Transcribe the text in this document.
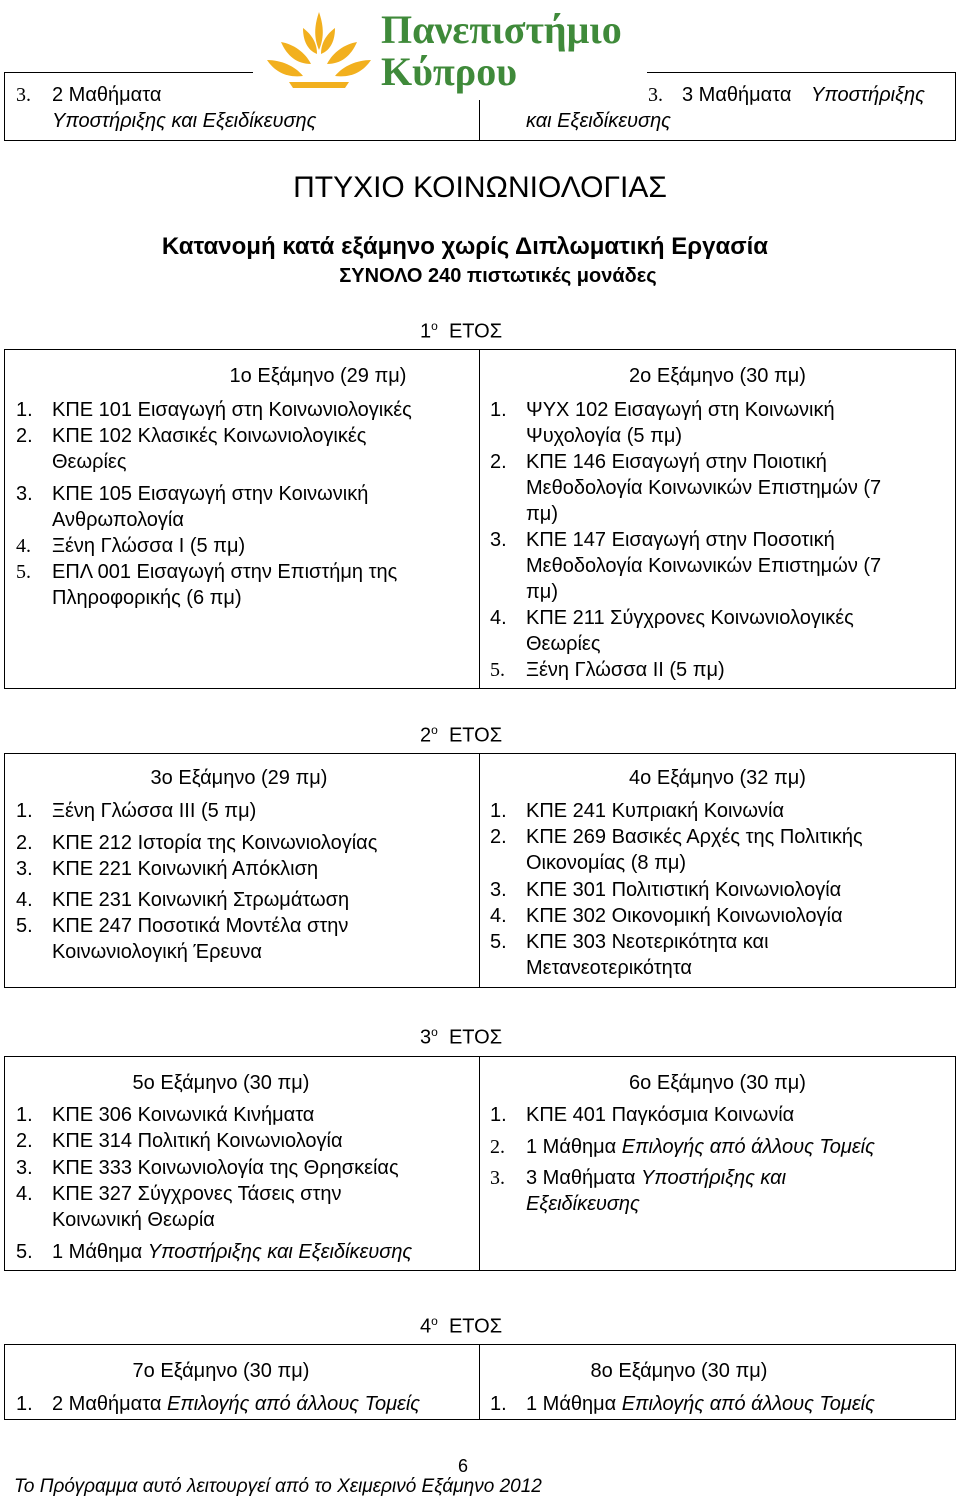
3. 2 Μαθήματα
Υποστήριξης και Εξειδίκευσης
3. 3 Μαθήματα Υποστήριξης
και Εξειδίκευσης
Πανεπιστήμιο
Κύπρου
ΠΤΥΧΙΟ ΚΟΙΝΩΝΙΟΛΟΓΙΑΣ
Κατανομή κατά εξάμηνο χωρίς Διπλωματική Εργασία
ΣΥΝΟΛΟ 240 πιστωτικές μονάδες
$1^o$ ΕΤΟΣ
1ο Εξάμηνο (29 πμ)
1. ΚΠΕ 101 Εισαγωγή στη Κοινωνιολογικές
2. ΚΠΕ 102 Κλασικές Κοινωνιολογικές
Θεωρίες
3. ΚΠΕ 105 Εισαγωγή στην Κοινωνική
Ανθρωπολογία
4. Ξένη Γλώσσα Ι (5 πμ)
5. ΕΠΛ 001 Εισαγωγή στην Επιστήμη της
Πληροφορικής (6 πμ)
2ο Εξάμηνο (30 πμ)
1. ΨΥΧ 102 Εισαγωγή στη Κοινωνική
Ψυχολογία (5 πμ)
2. ΚΠΕ 146 Εισαγωγή στην Ποιοτική
Μεθοδολογία Κοινωνικών Επιστημών (7
πμ)
3. ΚΠΕ 147 Εισαγωγή στην Ποσοτική
Μεθοδολογία Κοινωνικών Επιστημών (7
πμ)
4. ΚΠΕ 211 Σύγχρονες Κοινωνιολογικές
Θεωρίες
5. Ξένη Γλώσσα ΙΙ (5 πμ)
$2^o$ ΕΤΟΣ
3ο Εξάμηνο (29 πμ)
1. Ξένη Γλώσσα ΙΙΙ (5 πμ)
2. ΚΠΕ 212 Ιστορία της Κοινωνιολογίας
3. ΚΠΕ 221 Κοινωνική Απόκλιση
4. ΚΠΕ 231 Κοινωνική Στρωμάτωση
5. ΚΠΕ 247 Ποσοτικά Μοντέλα στην
Κοινωνιολογική Έρευνα
4ο Εξάμηνο (32 πμ)
1. ΚΠΕ 241 Κυπριακή Κοινωνία
2. ΚΠΕ 269 Βασικές Αρχές της Πολιτικής
Οικονομίας (8 πμ)
3. ΚΠΕ 301 Πολιτιστική Κοινωνιολογία
4. ΚΠΕ 302 Οικονομική Κοινωνιολογία
5. ΚΠΕ 303 Νεοτερικότητα και
Μετανεοτερικότητα
$3^o$ ΕΤΟΣ
5ο Εξάμηνο (30 πμ)
1. ΚΠΕ 306 Κοινωνικά Κινήματα
2. ΚΠΕ 314 Πολιτική Κοινωνιολογία
3. ΚΠΕ 333 Κοινωνιολογία της Θρησκείας
4. ΚΠΕ 327 Σύγχρονες Τάσεις στην
Κοινωνική Θεωρία
5. 1 Μάθημα Υποστήριξης και Εξειδίκευσης
6ο Εξάμηνο (30 πμ)
1. ΚΠΕ 401 Παγκόσμια Κοινωνία
2. 1 Μάθημα Επιλογής από άλλους Τομείς
3. 3 Μαθήματα Υποστήριξης και
Εξειδίκευσης
$4^o$ ΕΤΟΣ
7ο Εξάμηνο (30 πμ)
1. 2 Μαθήματα Επιλογής από άλλους Τομείς
8ο Εξάμηνο (30 πμ)
1. 1 Μάθημα Επιλογής από άλλους Τομείς
6
Το Πρόγραμμα αυτό λειτουργεί από το Χειμερινό Εξάμηνο 2012
